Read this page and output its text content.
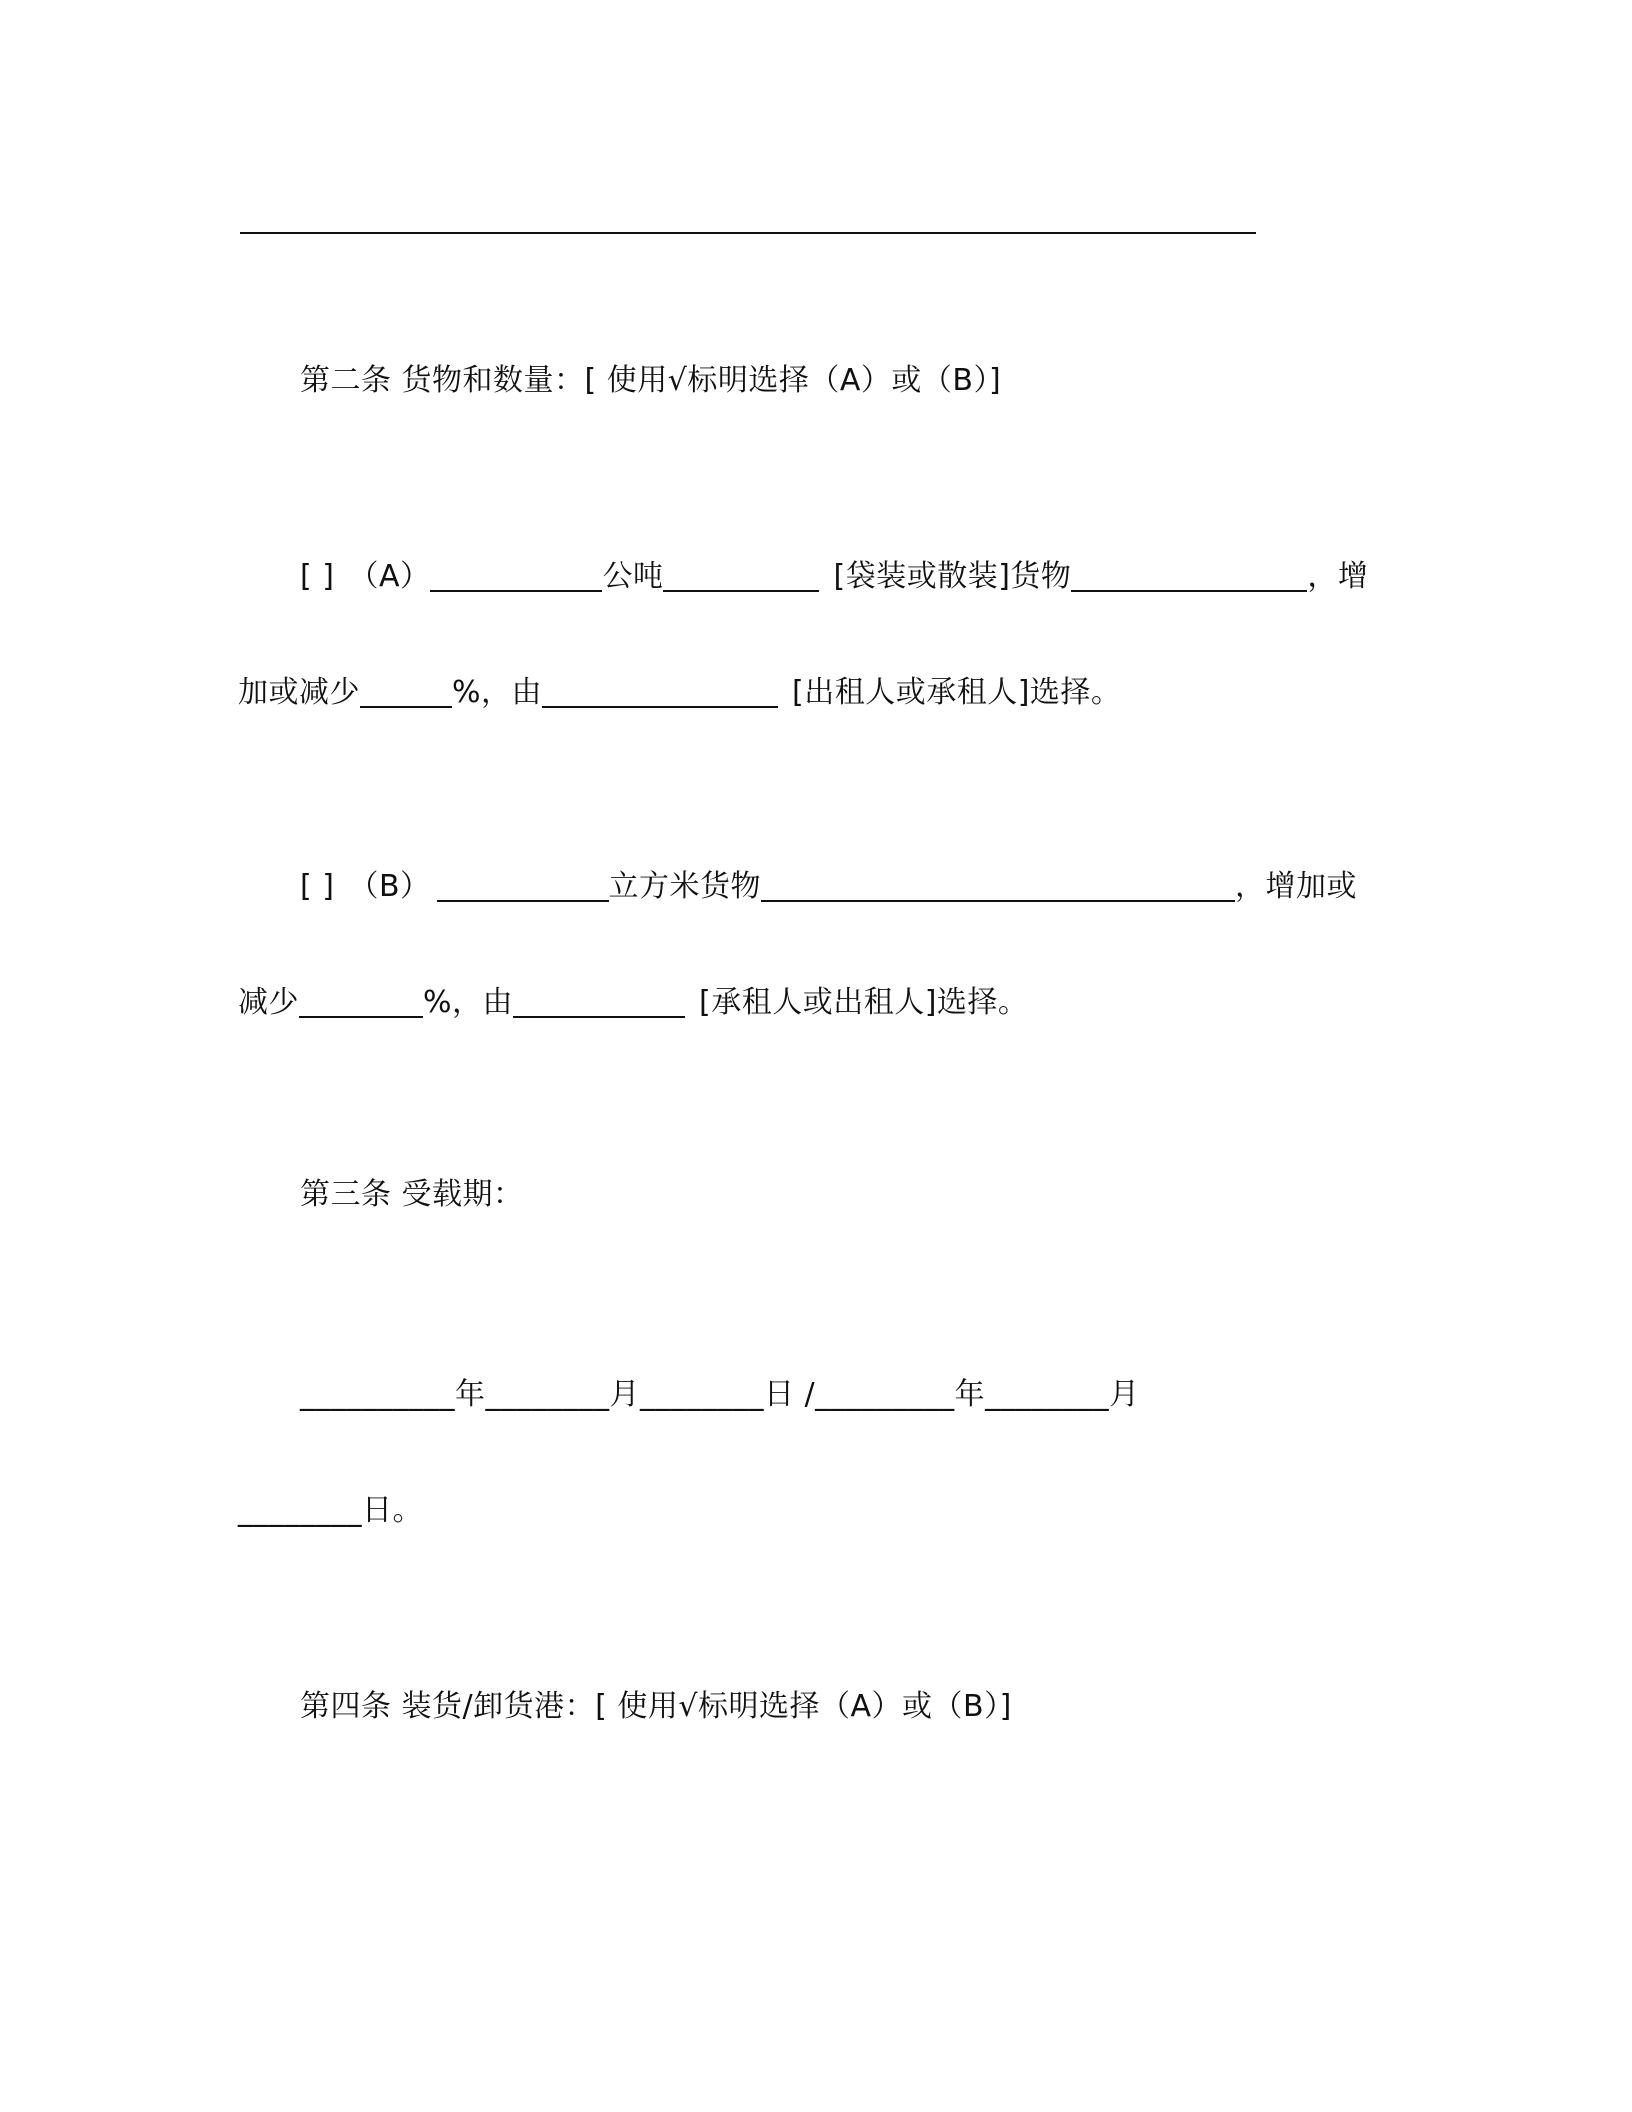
第二条 货物和数量：[ 使用√标明选择（A）或（B）]
[ ] （A）	公吨	[袋装或散装]货物	，增
加或减少	%，由	[出租人或承租人]选择。
[ ] （B）	立方米货物	，增加或
减少	%，由	[承租人或出租人]选择。
第三条 受载期：
__________年________月________日 /_________年________月
________日。
第四条 装货/卸货港：[ 使用√标明选择（A）或（B）]
